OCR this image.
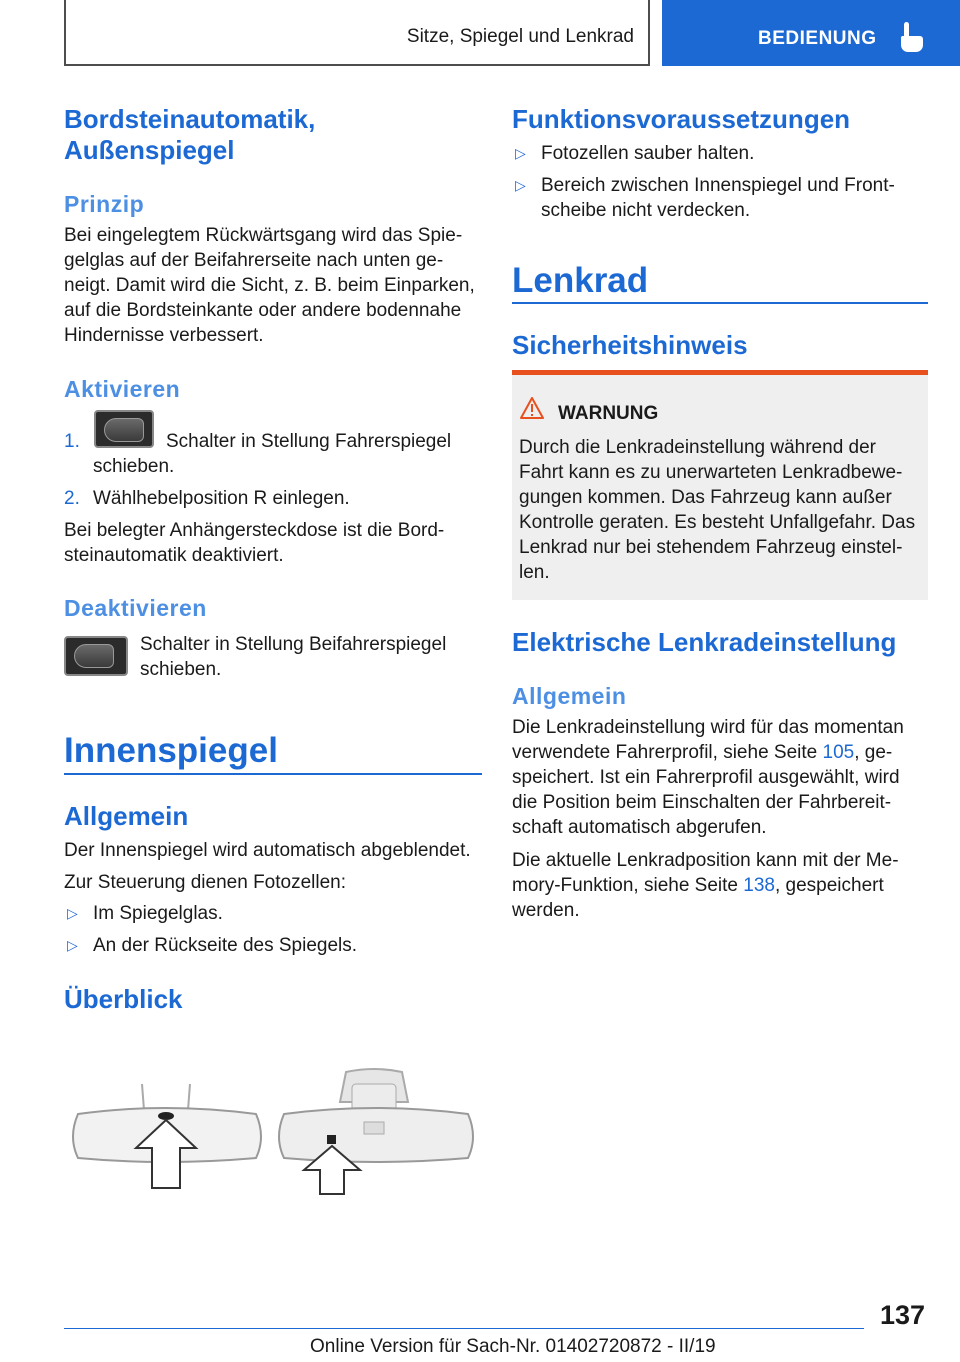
Sitze, Spiegel und Lenkrad	BEDIENUNG
Bordsteinautomatik,
Außenspiegel
Prinzip
Bei eingelegtem Rückwärtsgang wird das Spie-
gelglas auf der Beifahrerseite nach unten ge-
neigt. Damit wird die Sicht, z. B. beim Einparken,
auf die Bordsteinkante oder andere bodennahe
Hindernisse verbessert.
Aktivieren
1.	Schalter in Stellung Fahrerspiegel
schieben.
2. Wählhebelposition R einlegen.
Bei belegter Anhängersteckdose ist die Bord-
steinautomatik deaktiviert.
Deaktivieren
Schalter in Stellung Beifahrerspiegel
schieben.
Innenspiegel
Allgemein
Der Innenspiegel wird automatisch abgeblendet.
Zur Steuerung dienen Fotozellen:
▷ Im Spiegelglas.
▷ An der Rückseite des Spiegels.
Überblick
Funktionsvoraussetzungen
▷ Fotozellen sauber halten.
▷ Bereich zwischen Innenspiegel und Front-
scheibe nicht verdecken.
Lenkrad
Sicherheitshinweis
Elektrische Lenkradeinstellung
Allgemein
Die Lenkradeinstellung wird für das momentan
verwendete Fahrerprofil, siehe Seite 105, ge-
speichert. Ist ein Fahrerprofil ausgewählt, wird
die Position beim Einschalten der Fahrbereit-
schaft automatisch abgerufen.
Die aktuelle Lenkradposition kann mit der Me-
mory-Funktion, siehe Seite 138, gespeichert
werden.
WARNUNG
Durch die Lenkradeinstellung während der
Fahrt kann es zu unerwarteten Lenkradbewe-
gungen kommen. Das Fahrzeug kann außer
Kontrolle geraten. Es besteht Unfallgefahr. Das
Lenkrad nur bei stehendem Fahrzeug einstel-
len.
137
Online Version für Sach-Nr. 01402720872 - II/19
